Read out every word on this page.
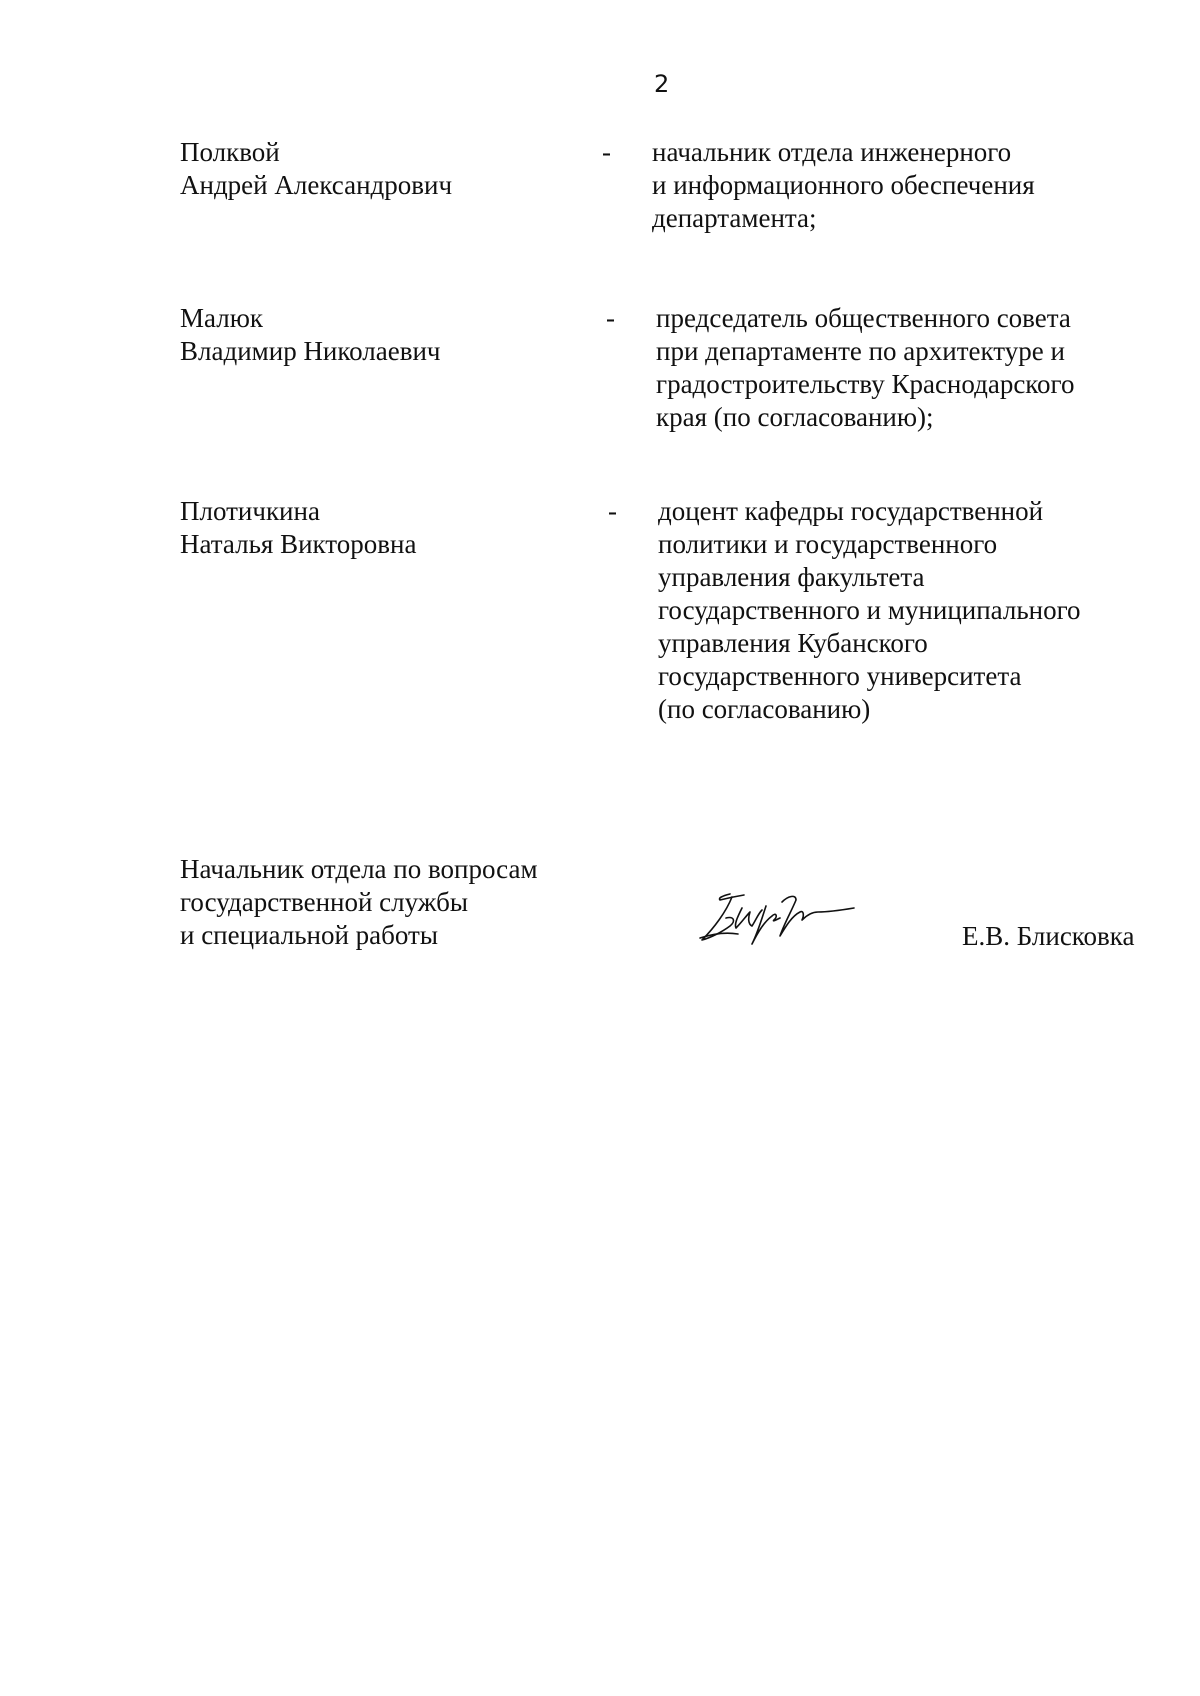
2
Полквой
Андрей Александрович
- начальник отдела инженерного
и информационного обеспечения
департамента;
Малюк
Владимир Николаевич
- председатель общественного совета
при департаменте по архитектуре и
градостроительству Краснодарского
края (по согласованию);
Плотичкина
Наталья Викторовна
- доцент кафедры государственной
политики и государственного
управления факультета
государственного и муниципального
управления Кубанского
государственного университета
(по согласованию)
Начальник отдела по вопросам
государственной службы
и специальной работы	Е.В. Блисковка
